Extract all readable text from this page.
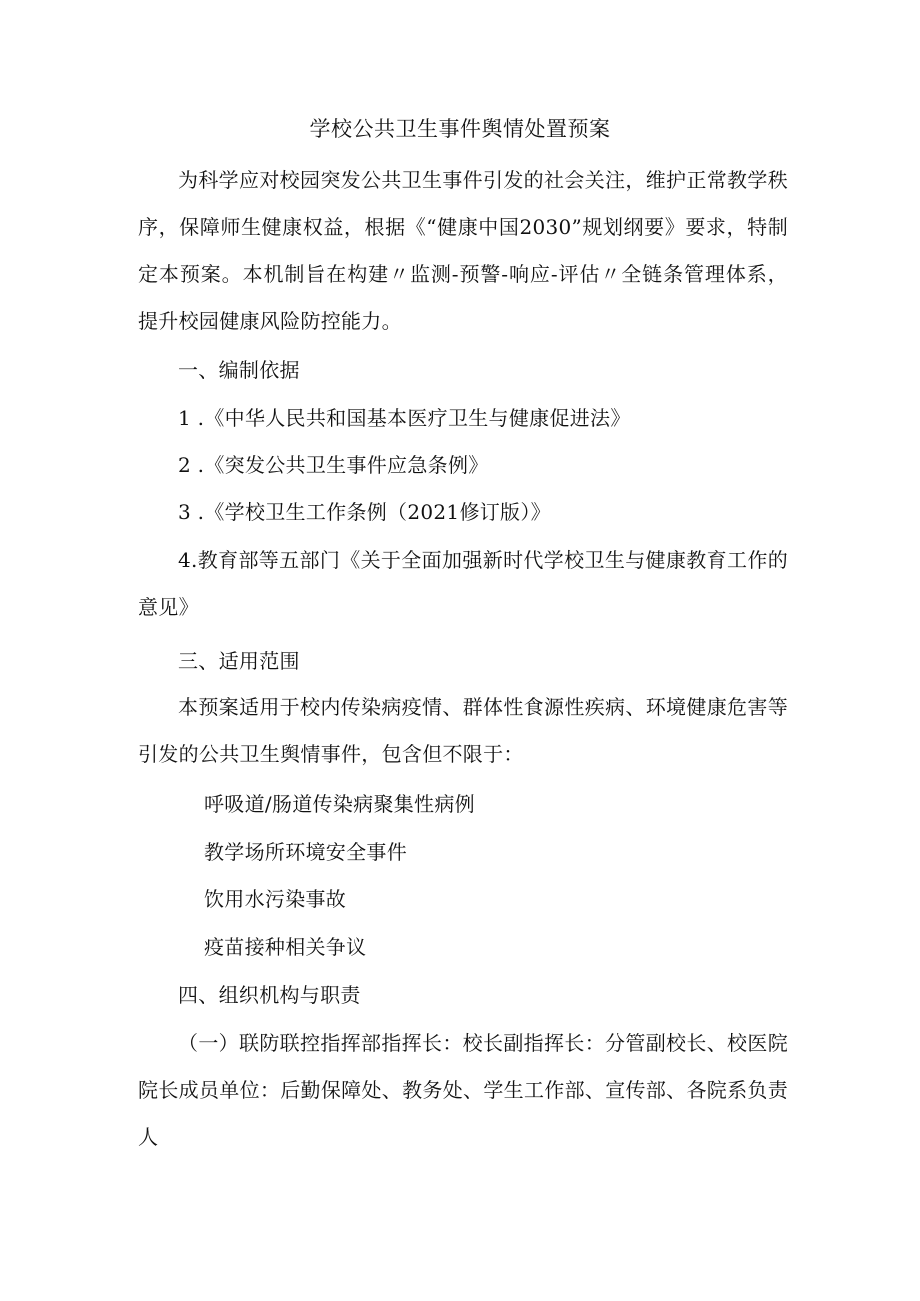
学校公共卫生事件舆情处置预案

为科学应对校园突发公共卫生事件引发的社会关注，维护正常教学秩序，保障师生健康权益，根据《“健康中国2030”规划纲要》要求，特制定本预案。本机制旨在构建〃监测-预警-响应-评估〃全链条管理体系，提升校园健康风险防控能力。

一、编制依据

1 .《中华人民共和国基本医疗卫生与健康促进法》

2 .《突发公共卫生事件应急条例》

3 .《学校卫生工作条例（2021修订版）》

4.教育部等五部门《关于全面加强新时代学校卫生与健康教育工作的意见》

三、适用范围

本预案适用于校内传染病疫情、群体性食源性疾病、环境健康危害等引发的公共卫生舆情事件，包含但不限于：

呼吸道/肠道传染病聚集性病例

教学场所环境安全事件

饮用水污染事故

疫苗接种相关争议

四、组织机构与职责

（一）联防联控指挥部指挥长：校长副指挥长：分管副校长、校医院院长成员单位：后勤保障处、教务处、学生工作部、宣传部、各院系负责人
